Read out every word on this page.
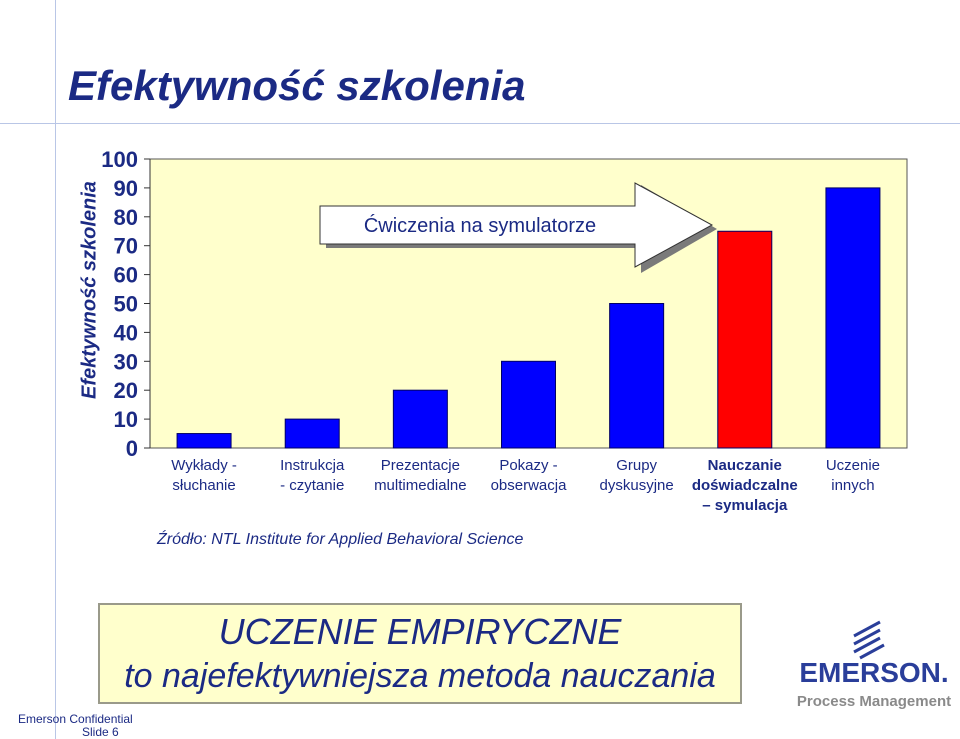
Efektywność szkolenia
Efektywność szkolenia
0
10
20
30
40
50
60
70
80
90
100
Ćwiczenia na symulatorze
Wykłady -
słuchanie
Instrukcja
- czytanie
Prezentacje
multimedialne
Pokazy -
obserwacja
Grupy
dyskusyjne
Nauczanie
doświadczalne
– symulacja
Uczenie
innych
Źródło: NTL Institute for Applied Behavioral Science
UCZENIE EMPIRYCZNE
to najefektywniejsza metoda nauczania
Emerson Confidential
Slide 6
EMERSON.
Process Management
